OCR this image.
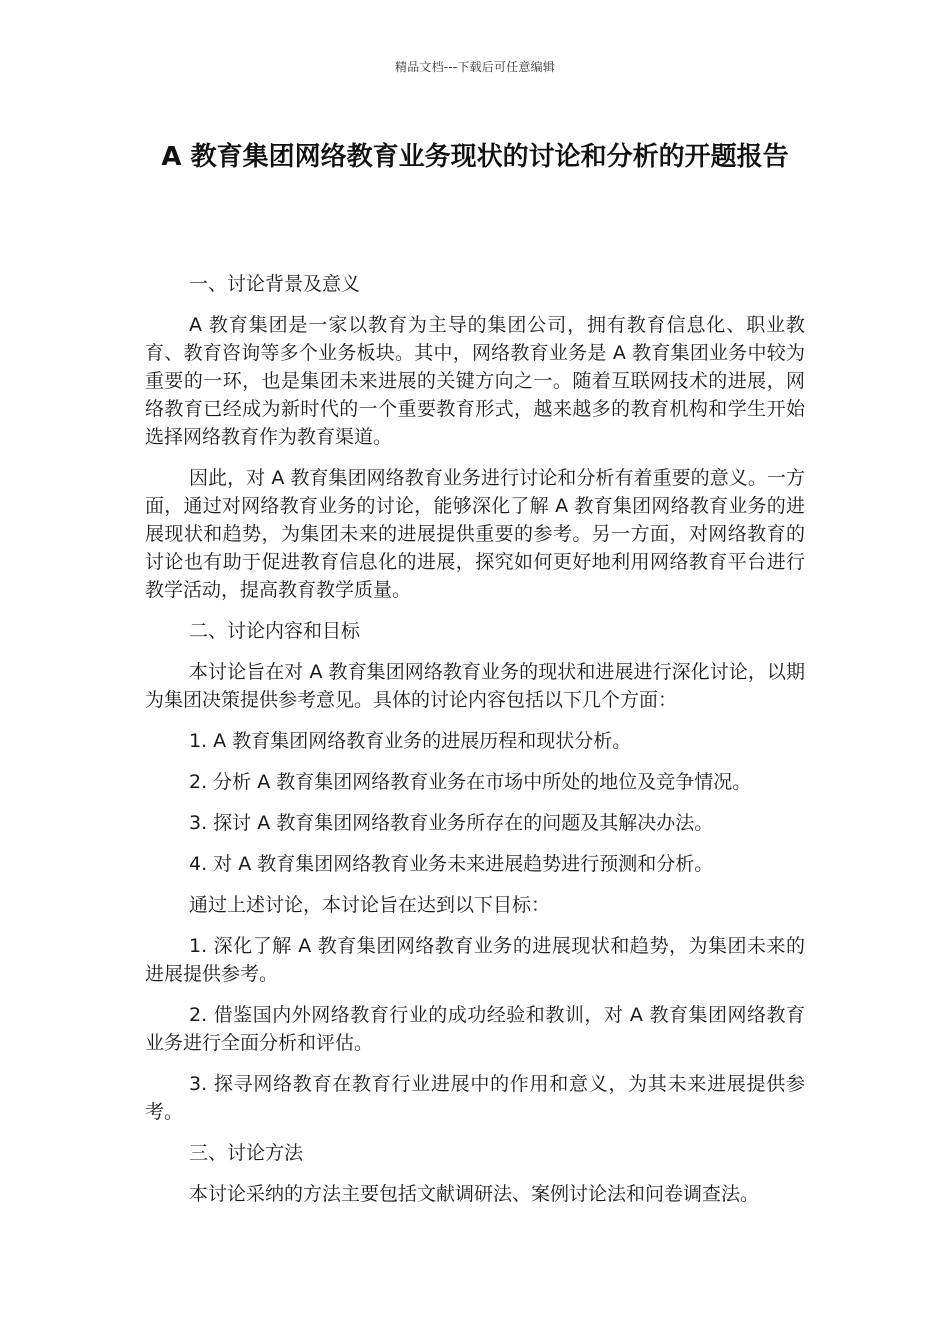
精品文档---下载后可任意编辑
A 教育集团网络教育业务现状的讨论和分析的开题报告

一、讨论背景及意义

A 教育集团是一家以教育为主导的集团公司，拥有教育信息化、职业教育、教育咨询等多个业务板块。其中，网络教育业务是 A 教育集团业务中较为重要的一环，也是集团未来进展的关键方向之一。随着互联网技术的进展，网络教育已经成为新时代的一个重要教育形式，越来越多的教育机构和学生开始选择网络教育作为教育渠道。

因此，对 A 教育集团网络教育业务进行讨论和分析有着重要的意义。一方面，通过对网络教育业务的讨论，能够深化了解 A 教育集团网络教育业务的进展现状和趋势，为集团未来的进展提供重要的参考。另一方面，对网络教育的讨论也有助于促进教育信息化的进展，探究如何更好地利用网络教育平台进行教学活动，提高教育教学质量。

二、讨论内容和目标

本讨论旨在对 A 教育集团网络教育业务的现状和进展进行深化讨论，以期为集团决策提供参考意见。具体的讨论内容包括以下几个方面：

1. A 教育集团网络教育业务的进展历程和现状分析。

2. 分析 A 教育集团网络教育业务在市场中所处的地位及竞争情况。

3. 探讨 A 教育集团网络教育业务所存在的问题及其解决办法。

4. 对 A 教育集团网络教育业务未来进展趋势进行预测和分析。

通过上述讨论，本讨论旨在达到以下目标：

1. 深化了解 A 教育集团网络教育业务的进展现状和趋势，为集团未来的进展提供参考。

2. 借鉴国内外网络教育行业的成功经验和教训，对 A 教育集团网络教育业务进行全面分析和评估。

3. 探寻网络教育在教育行业进展中的作用和意义，为其未来进展提供参考。

三、讨论方法

本讨论采纳的方法主要包括文献调研法、案例讨论法和问卷调查法。
